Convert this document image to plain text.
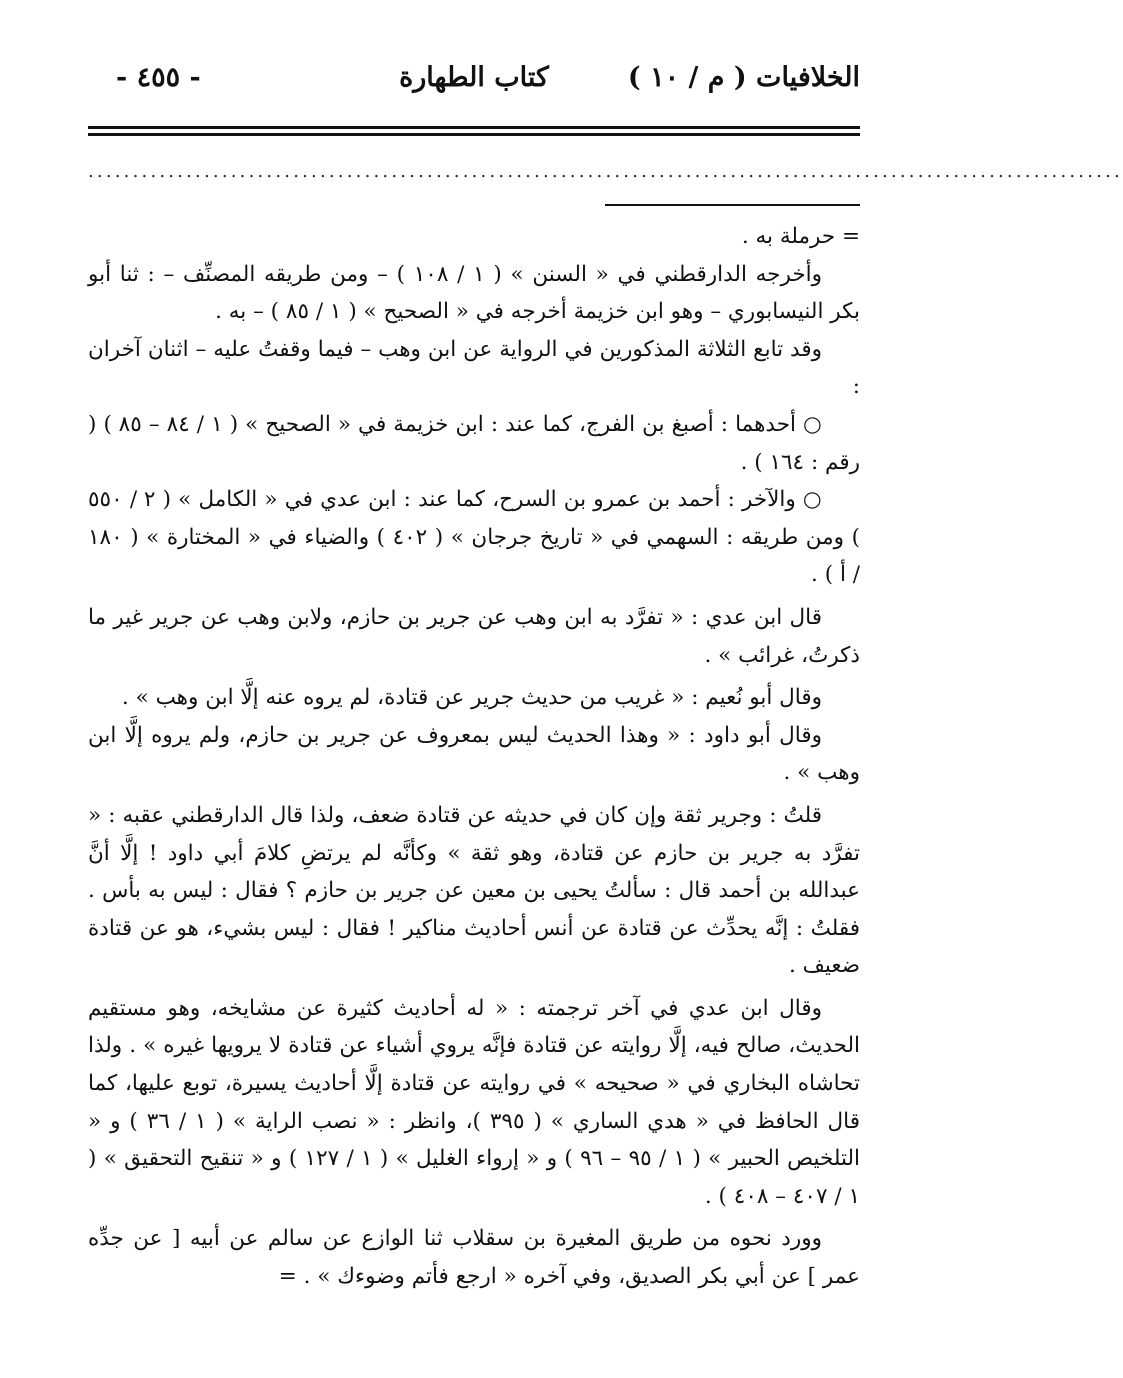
الخلافيات ( م / ١٠ )
كتاب الطهارة
- ٤٥٥ -
....................................................................................................................

= حرملة به .

وأخرجه الدارقطني في « السنن » ( ١ / ١٠٨ ) – ومن طريقه المصنِّف – : ثنا أبو بكر النيسابوري – وهو ابن خزيمة أخرجه في « الصحيح » ( ١ / ٨٥ ) – به .

وقد تابع الثلاثة المذكورين في الرواية عن ابن وهب – فيما وقفتُ عليه – اثنان آخران :

○ أحدهما : أصبغ بن الفرج، كما عند : ابن خزيمة في « الصحيح » ( ١ / ٨٤ – ٨٥ ) ( رقم : ١٦٤ ) .

○ والآخر : أحمد بن عمرو بن السرح، كما عند : ابن عدي في « الكامل » ( ٢ / ٥٥٠ ) ومن طريقه : السهمي في « تاريخ جرجان » ( ٤٠٢ ) والضياء في « المختارة » ( ١٨٠ / أ ) .

قال ابن عدي : « تفرَّد به ابن وهب عن جرير بن حازم، ولابن وهب عن جرير غير ما ذكرتُ، غرائب » .

وقال أبو نُعيم : « غريب من حديث جرير عن قتادة، لم يروه عنه إلَّا ابن وهب » .

وقال أبو داود : « وهذا الحديث ليس بمعروف عن جرير بن حازم، ولم يروه إلَّا ابن وهب » .

قلتُ : وجرير ثقة وإن كان في حديثه عن قتادة ضعف، ولذا قال الدارقطني عقبه : « تفرَّد به جرير بن حازم عن قتادة، وهو ثقة » وكأنَّه لم يرتضِ كلامَ أبي داود ! إلَّا أنَّ عبدالله بن أحمد قال : سألتُ يحيى بن معين عن جرير بن حازم ؟ فقال : ليس به بأس . فقلتُ : إنَّه يحدِّث عن قتادة عن أنس أحاديث مناكير ! فقال : ليس بشيء، هو عن قتادة ضعيف .

وقال ابن عدي في آخر ترجمته : « له أحاديث كثيرة عن مشايخه، وهو مستقيم الحديث، صالح فيه، إلَّا روايته عن قتادة فإنَّه يروي أشياء عن قتادة لا يرويها غيره » . ولذا تحاشاه البخاري في « صحيحه » في روايته عن قتادة إلَّا أحاديث يسيرة، توبع عليها، كما قال الحافظ في « هدي الساري » ( ٣٩٥ )، وانظر : « نصب الراية » ( ١ / ٣٦ ) و « التلخيص الحبير » ( ١ / ٩٥ – ٩٦ ) و « إرواء الغليل » ( ١ / ١٢٧ ) و « تنقيح التحقيق » ( ١ / ٤٠٧ – ٤٠٨ ) .

وورد نحوه من طريق المغيرة بن سقلاب ثنا الوازع عن سالم عن أبيه [ عن جدِّه عمر ] عن أبي بكر الصديق، وفي آخره « ارجع فأتم وضوءك » . =
